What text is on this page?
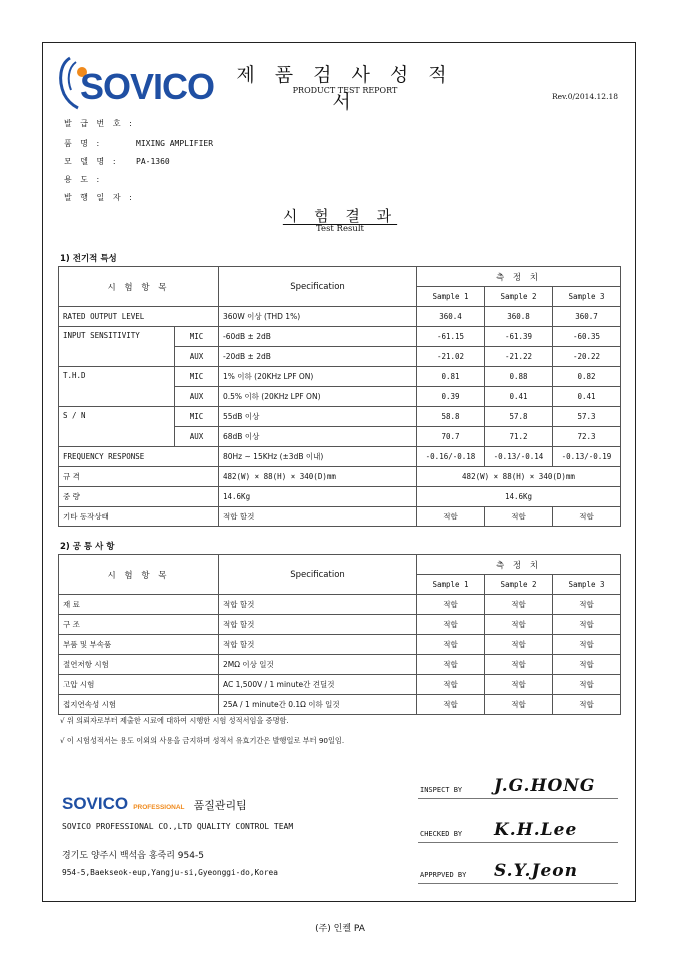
SOVICO	제 품 검 사 성 적 서
PRODUCT TEST REPORT
Rev.0/2014.12.18
발 급 번 호 :
품 명 :	MIXING AMPLIFIER
모 델 명 : PA-1360
용 도 :
발 행 일 자 :
시 험 결 과
Test Result
1) 전기적 특성
시 험 항 목		Specification	측 정 치		
			Sample 1	Sample 2	Sample 3
RATED OUTPUT LEVEL		360W 이상 (THD 1%)	360.4	360.8	360.7
INPUT SENSITIVITY	MIC	-60dB ± 2dB	-61.15	-61.39	-60.35
	AUX	-20dB ± 2dB	-21.02	-21.22	-20.22
T.H.D	MIC	1% 이하 (20KHz LPF ON)	0.81	0.88	0.82
	AUX	0.5% 이하 (20KHz LPF ON)	0.39	0.41	0.41
S / N	MIC	55dB 이상	58.8	57.8	57.3
	AUX	68dB 이상	70.7	71.2	72.3
FREQUENCY RESPONSE		80Hz ~ 15KHz (±3dB 이내)	-0.16/-0.18	-0.13/-0.14	-0.13/-0.19
규 격		482(W) × 88(H) × 340(D)mm	482(W) × 88(H) × 340(D)mm		
중 량		14.6Kg	14.6Kg		
기타 동작상태		적합 할것	적합	적합	적합
2) 공 통 사 항
시 험 항 목	Specification	측 정 치		
		Sample 1	Sample 2	Sample 3
재 료	적합 할것	적합	적합	적합
구 조	적합 할것	적합	적합	적합
부품 및 부속품	적합 할것	적합	적합	적합
절연저항 시험	2MΩ 이상 일것	적합	적합	적합
고압 시험	AC 1,500V / 1 minute간 견딜것	적합	적합	적합
접지연속성 시험	25A / 1 minute간 0.1Ω 이하 일것	적합	적합	적합
√ 위 의뢰자로부터 제출한 시료에 대하여 시행한 시험 성적서임을 증명함.
√ 이 시험성적서는 용도 이외의 사용을 금지하며 성적서 유효기간은 발행일로 부터 90일임.
SOVICO PROFESSIONAL 품질관리팀
SOVICO PROFESSIONAL CO.,LTD QUALITY CONTROL TEAM
경기도 양주시 백석읍 홍죽리 954-5
954-5,Baekseok-eup,Yangju-si,Gyeonggi-do,Korea
INSPECT BY J.G.HONG
CHECKED BY K.H.Lee
APPRPVED BY S.Y.Jeon
(주) 인켈 PA
